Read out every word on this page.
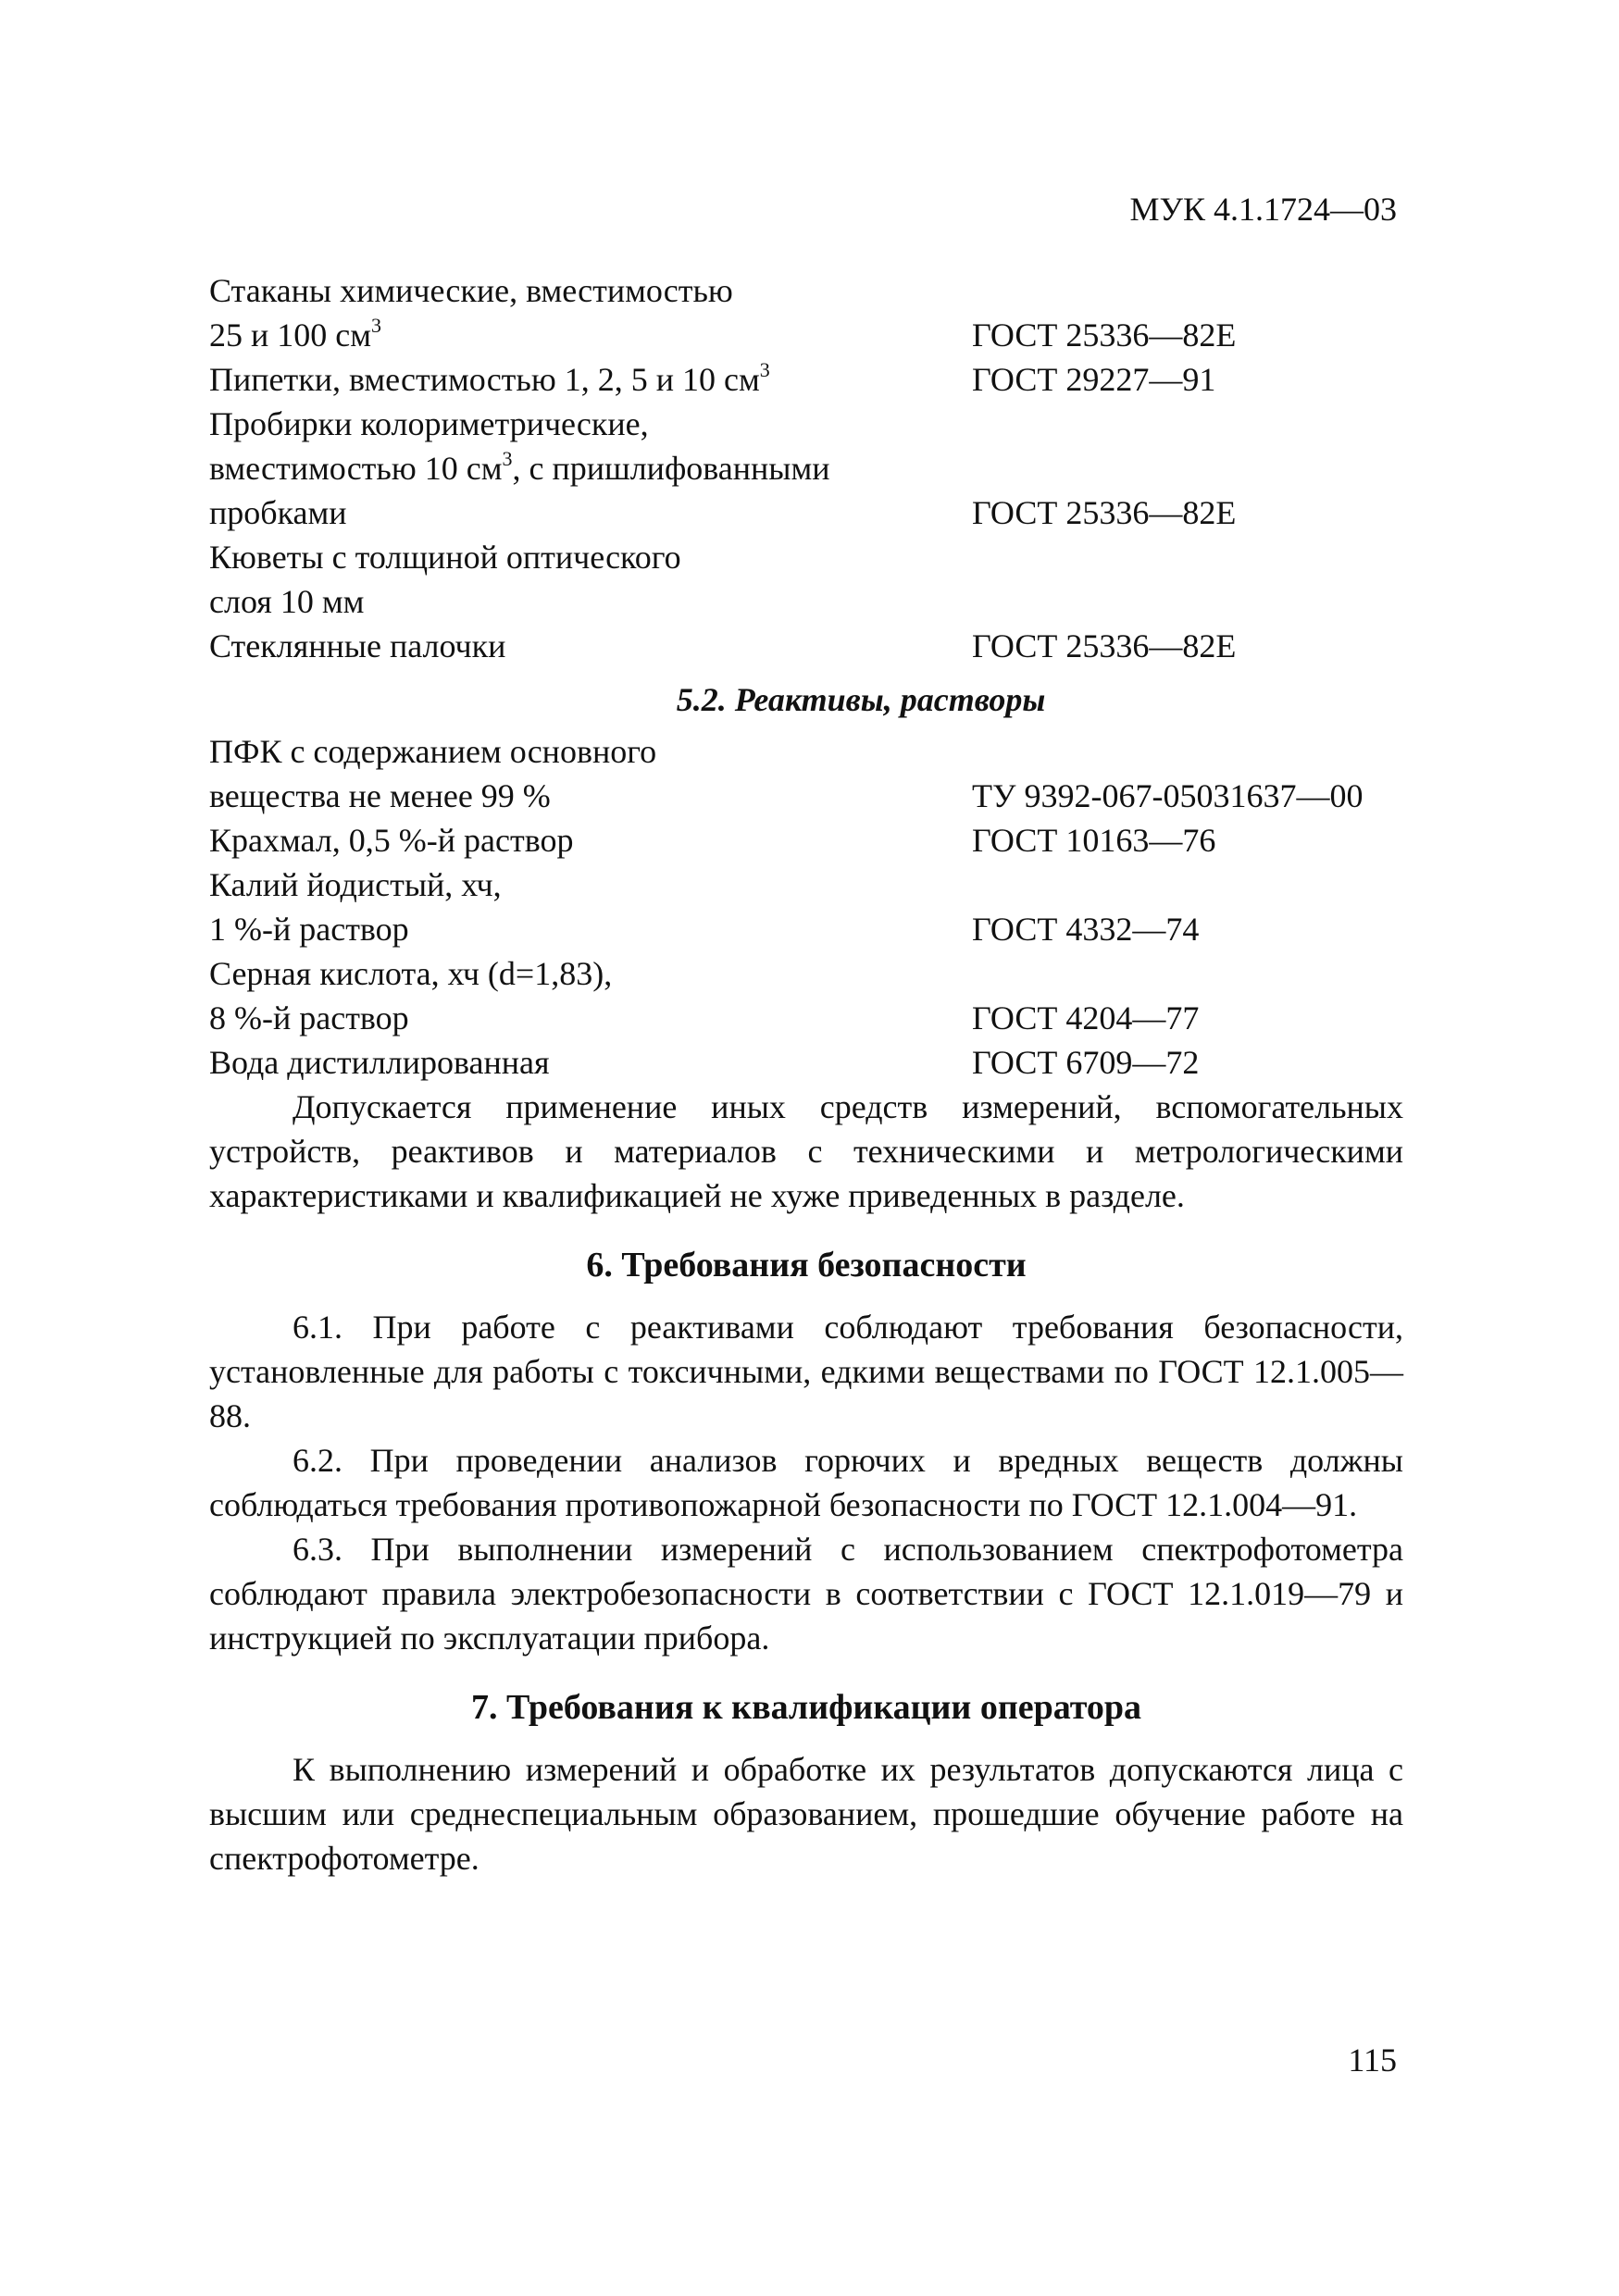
МУК 4.1.1724—03
Стаканы химические, вместимостью
25 и 100 $см^3$	ГОСТ 25336—82Е
Пипетки, вместимостью 1, 2, 5 и 10 $см^3$	ГОСТ 29227—91
Пробирки колориметрические,
вместимостью 10 $см^3$, с пришлифованными
пробками	ГОСТ 25336—82Е
Кюветы с толщиной оптического
слоя 10 мм
Стеклянные палочки	ГОСТ 25336—82Е
5.2. Реактивы, растворы
ПФК с содержанием основного
вещества не менее 99 %	ТУ 9392-067-05031637—00
Крахмал, 0,5 %-й раствор	ГОСТ 10163—76
Калий йодистый, хч,
1 %-й раствор	ГОСТ 4332—74
Серная кислота, хч (d=1,83),
8 %-й раствор	ГОСТ 4204—77
Вода дистиллированная	ГОСТ 6709—72

Допускается применение иных средств измерений, вспомогательных устройств, реактивов и материалов с техническими и метрологическими характеристиками и квалификацией не хуже приведенных в разделе.

6. Требования безопасности

6.1. При работе с реактивами соблюдают требования безопасности, установленные для работы с токсичными, едкими веществами по ГОСТ 12.1.005—88.

6.2. При проведении анализов горючих и вредных веществ должны соблюдаться требования противопожарной безопасности по ГОСТ 12.1.004—91.

6.3. При выполнении измерений с использованием спектрофотометра соблюдают правила электробезопасности в соответствии с ГОСТ 12.1.019—79 и инструкцией по эксплуатации прибора.

7. Требования к квалификации оператора

К выполнению измерений и обработке их результатов допускаются лица с высшим или среднеспециальным образованием, прошедшие обучение работе на спектрофотометре.

115
